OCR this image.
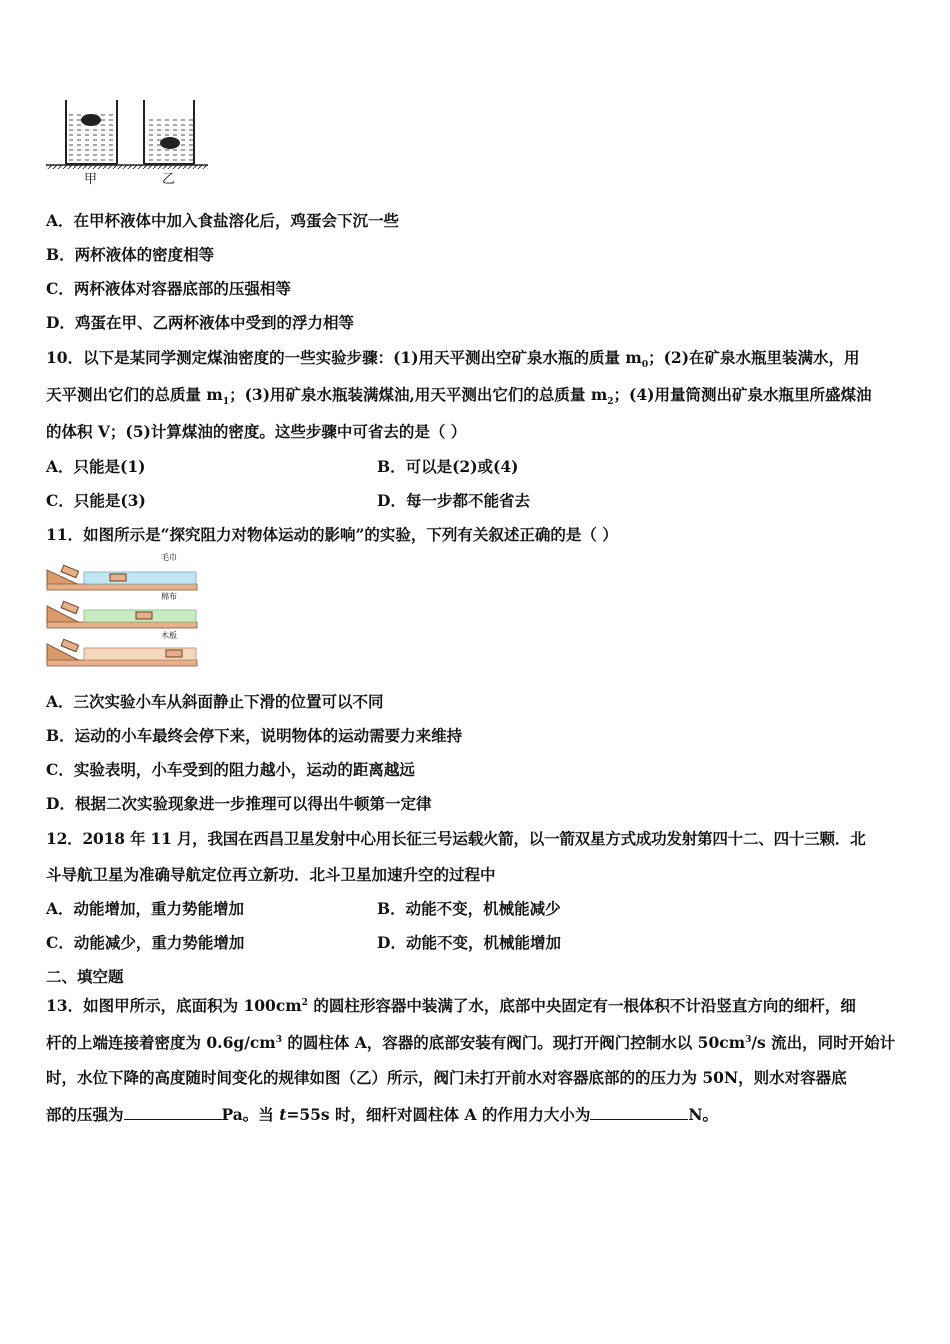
甲	乙
A．在甲杯液体中加入食盐溶化后，鸡蛋会下沉一些
B．两杯液体的密度相等
C．两杯液体对容器底部的压强相等
D．鸡蛋在甲、乙两杯液体中受到的浮力相等
10．以下是某同学测定煤油密度的一些实验步骤：(1)用天平测出空矿泉水瓶的质量 $m_0$；(2)在矿泉水瓶里装满水，用
天平测出它们的总质量 $m_1$；(3)用矿泉水瓶装满煤油,用天平测出它们的总质量 $m_2$；(4)用量筒测出矿泉水瓶里所盛煤油
的体积 V；(5)计算煤油的密度。这些步骤中可省去的是（ ）
A．只能是(1)	B．可以是(2)或(4)
C．只能是(3)	D．每一步都不能省去
11．如图所示是“探究阻力对物体运动的影响”的实验，下列有关叙述正确的是（ ）
毛巾
棉布
木板
A．三次实验小车从斜面静止下滑的位置可以不同
B．运动的小车最终会停下来，说明物体的运动需要力来维持
C．实验表明，小车受到的阻力越小，运动的距离越远
D．根据二次实验现象进一步推理可以得出牛顿第一定律
12．2018 年 11 月，我国在西昌卫星发射中心用长征三号运载火箭，以一箭双星方式成功发射第四十二、四十三颗．北
斗导航卫星为准确导航定位再立新功．北斗卫星加速升空的过程中
A．动能增加，重力势能增加	B．动能不变，机械能减少
C．动能减少，重力势能增加	D．动能不变，机械能增加
二、填空题
13．如图甲所示，底面积为 $100cm^2$ 的圆柱形容器中装满了水，底部中央固定有一根体积不计沿竖直方向的细杆，细
杆的上端连接着密度为 $0.6g/cm^3$ 的圆柱体 A，容器的底部安装有阀门。现打开阀门控制水以 $50cm^3/s$ 流出，同时开始计
时，水位下降的高度随时间变化的规律如图（乙）所示，阀门未打开前水对容器底部的的压力为 50N，则水对容器底
部的压强为	Pa。当 t=55s 时，细杆对圆柱体 A 的作用力大小为	N。
